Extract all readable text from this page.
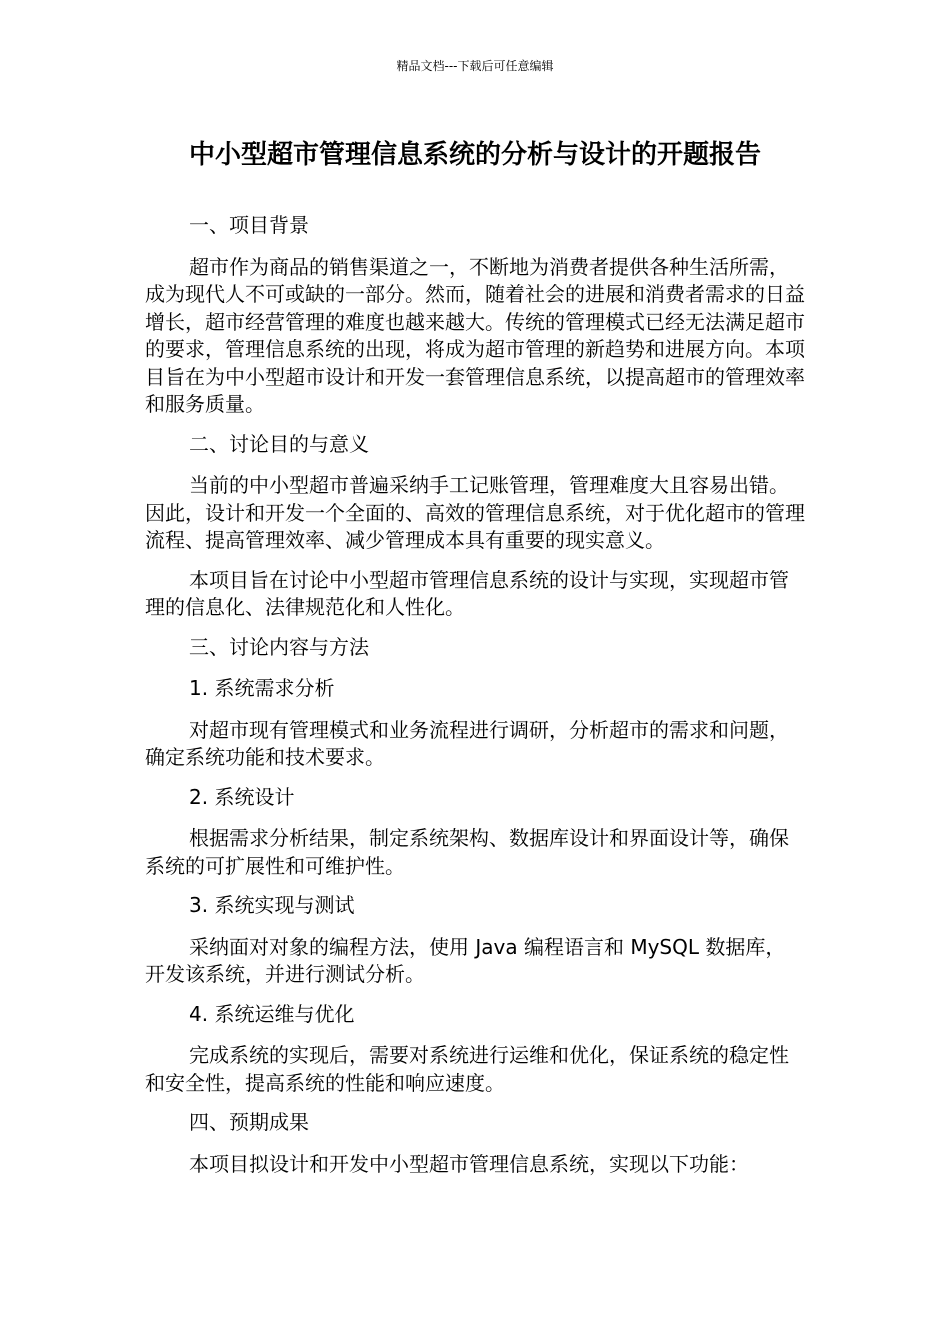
精品文档---下载后可任意编辑
中小型超市管理信息系统的分析与设计的开题报告

一、项目背景

超市作为商品的销售渠道之一，不断地为消费者提供各种生活所需，成为现代人不可或缺的一部分。然而，随着社会的进展和消费者需求的日益增长，超市经营管理的难度也越来越大。传统的管理模式已经无法满足超市的要求，管理信息系统的出现，将成为超市管理的新趋势和进展方向。本项目旨在为中小型超市设计和开发一套管理信息系统，以提高超市的管理效率和服务质量。

二、讨论目的与意义

当前的中小型超市普遍采纳手工记账管理，管理难度大且容易出错。因此，设计和开发一个全面的、高效的管理信息系统，对于优化超市的管理流程、提高管理效率、减少管理成本具有重要的现实意义。

本项目旨在讨论中小型超市管理信息系统的设计与实现，实现超市管理的信息化、法律规范化和人性化。

三、讨论内容与方法

1. 系统需求分析

对超市现有管理模式和业务流程进行调研，分析超市的需求和问题，确定系统功能和技术要求。

2. 系统设计

根据需求分析结果，制定系统架构、数据库设计和界面设计等，确保系统的可扩展性和可维护性。

3. 系统实现与测试

采纳面对对象的编程方法，使用 Java 编程语言和 MySQL 数据库，开发该系统，并进行测试分析。

4. 系统运维与优化

完成系统的实现后，需要对系统进行运维和优化，保证系统的稳定性和安全性，提高系统的性能和响应速度。

四、预期成果

本项目拟设计和开发中小型超市管理信息系统，实现以下功能：
